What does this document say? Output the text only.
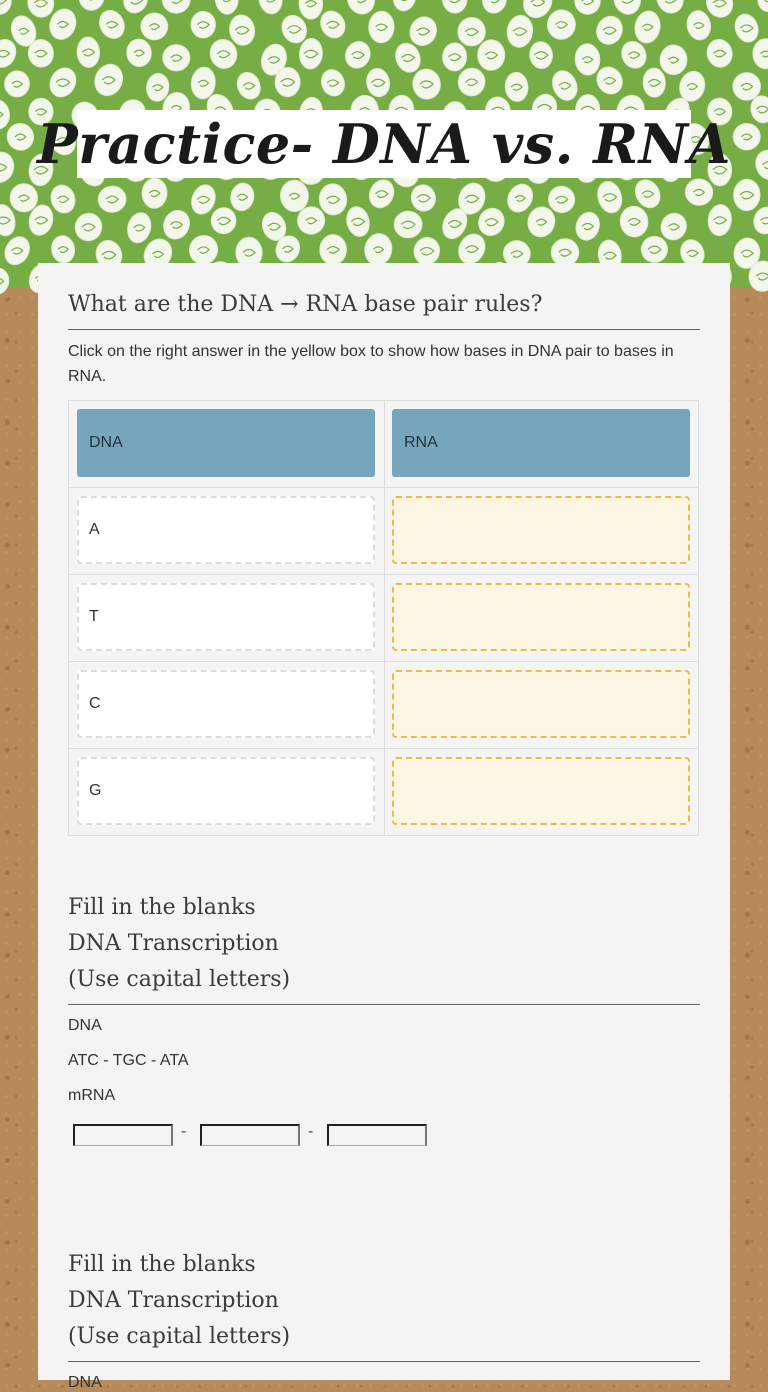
Practice- DNA vs. RNA
What are the DNA → RNA base pair rules?
Click on the right answer in the yellow box to show how bases in DNA pair to bases in RNA.
DNA	RNA
A
T
C
G
Fill in the blanks
DNA Transcription
(Use capital letters)
DNA
ATC - TGC - ATA
mRNA
-	-
Fill in the blanks
DNA Transcription
(Use capital letters)
DNA
